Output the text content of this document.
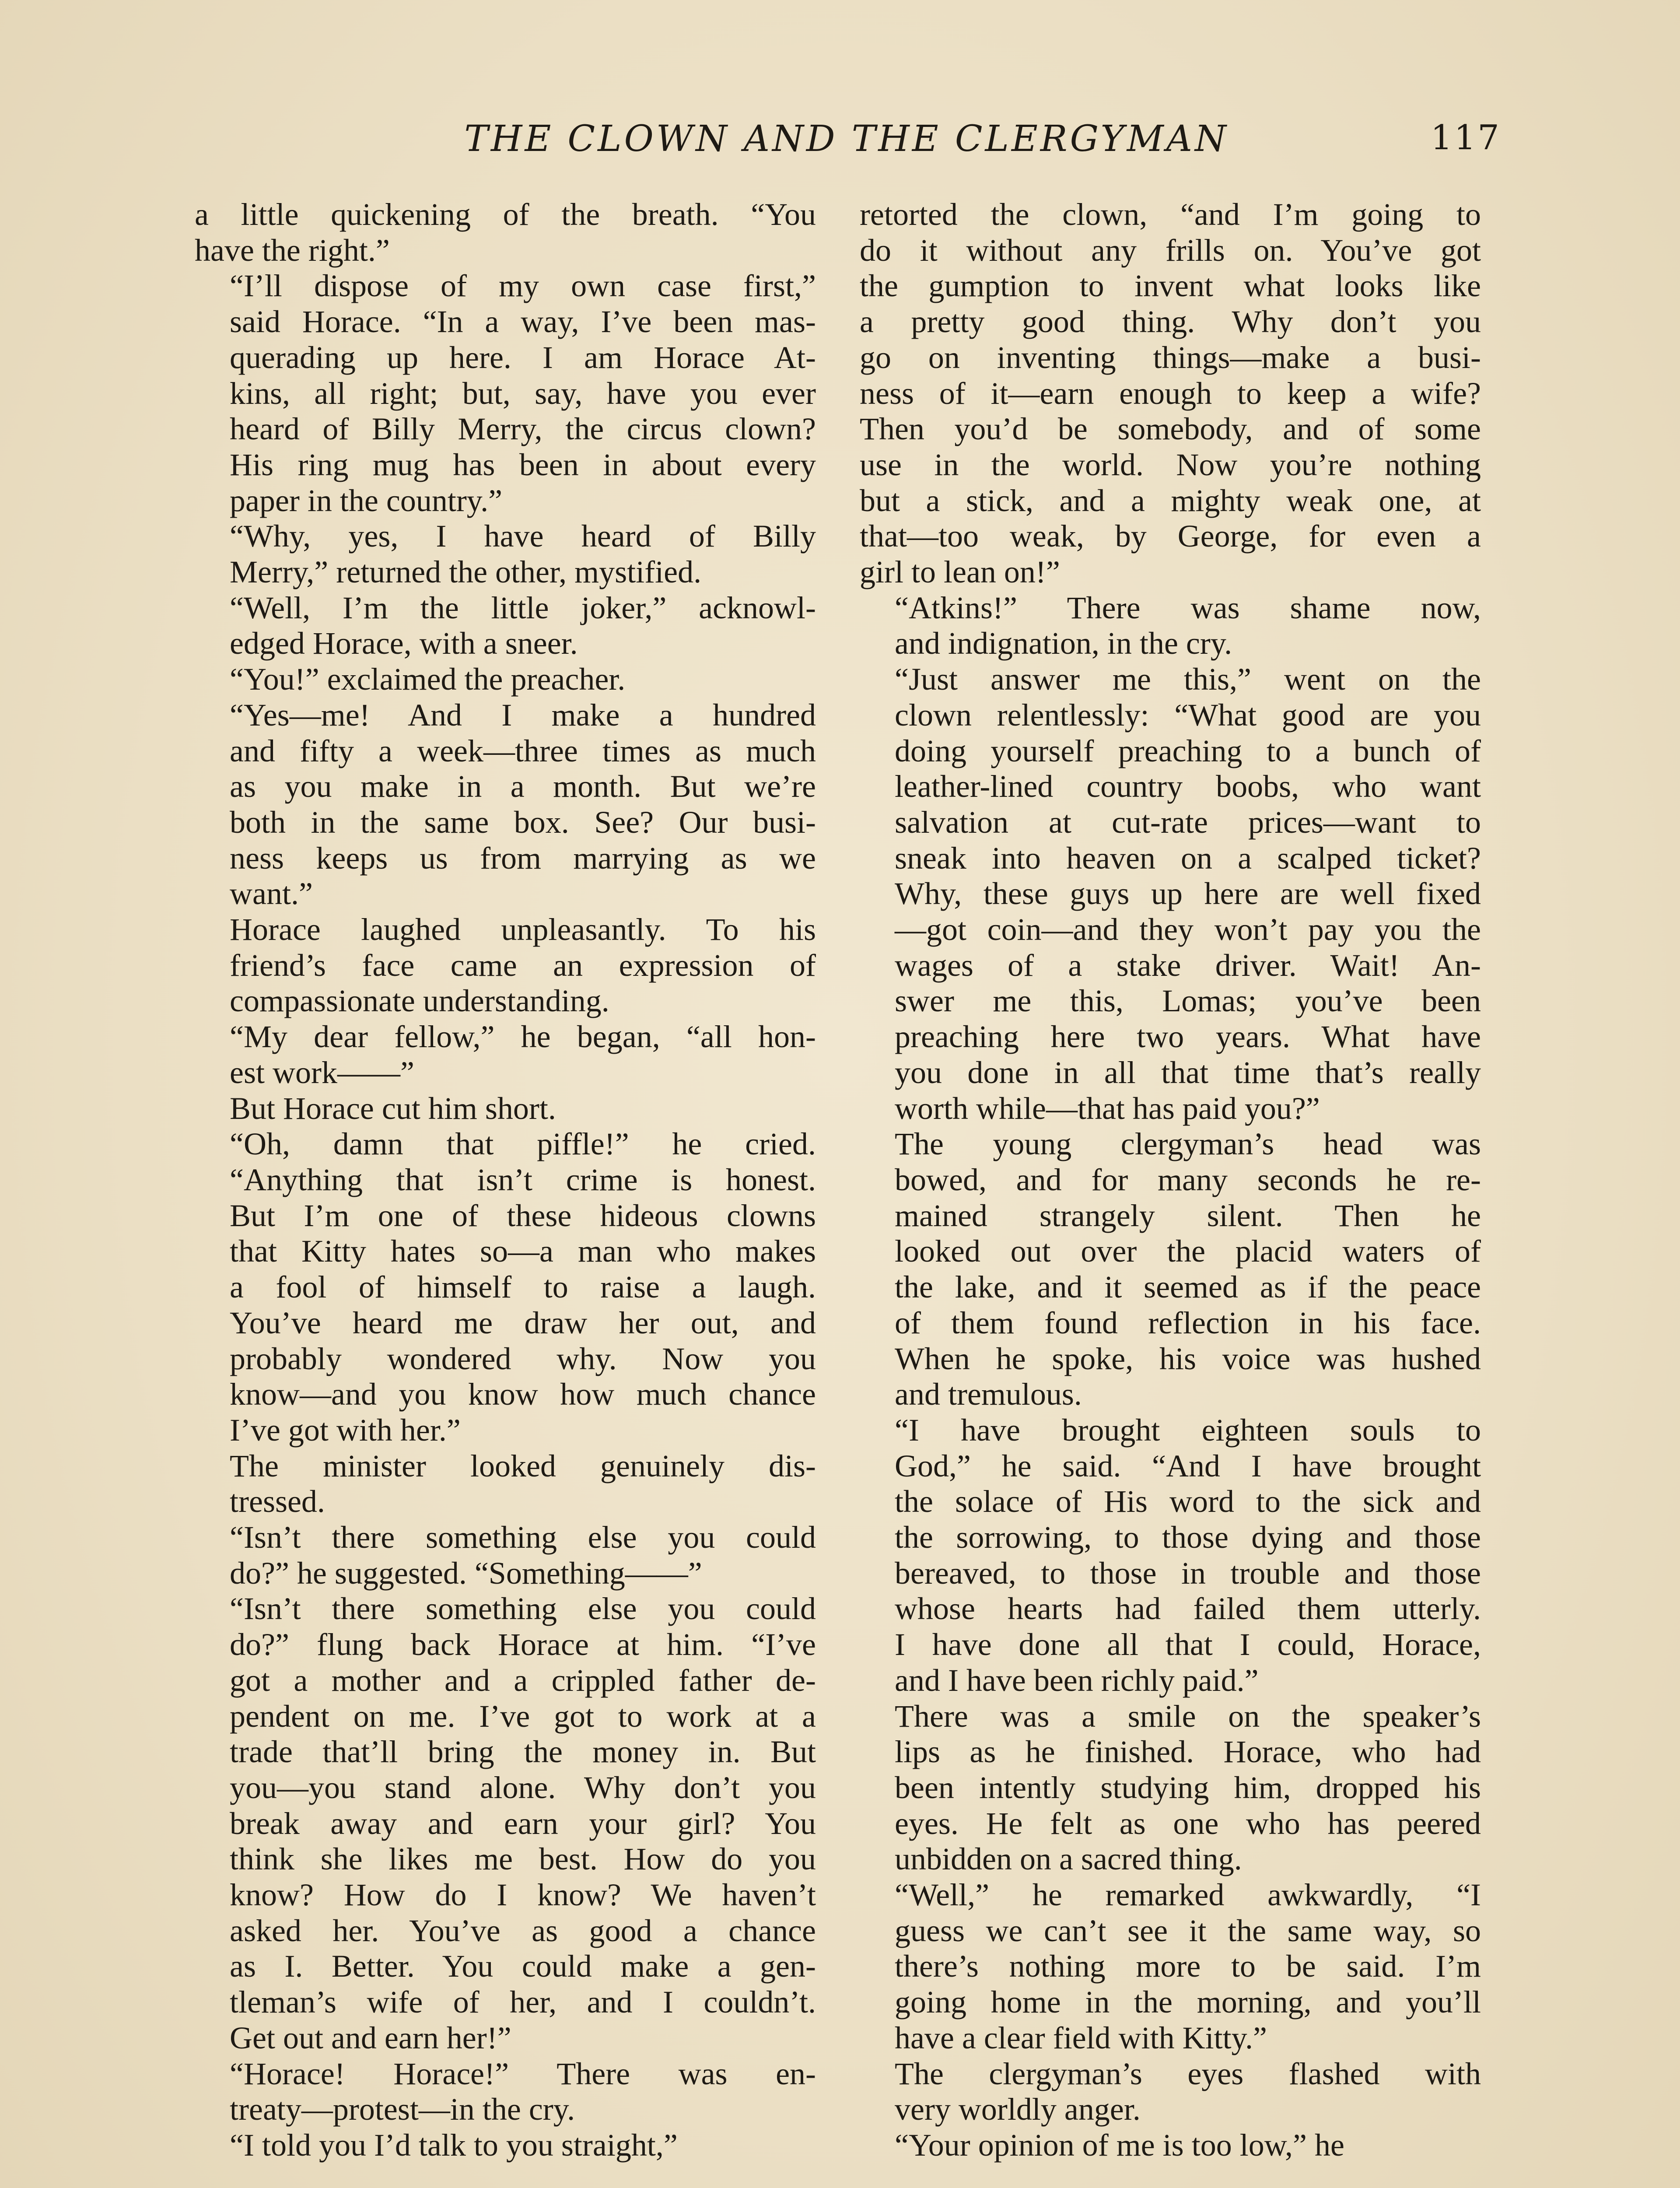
THE CLOWN AND THE CLERGYMAN	117

a little quickening of the breath. “You
have the right.”

“I’ll dispose of my own case first,”
said Horace. “In a way, I’ve been mas-
querading up here. I am Horace At-
kins, all right; but, say, have you ever
heard of Billy Merry, the circus clown?
His ring mug has been in about every
paper in the country.”

“Why, yes, I have heard of Billy
Merry,” returned the other, mystified.

“Well, I’m the little joker,” acknowl-
edged Horace, with a sneer.

“You!” exclaimed the preacher.

“Yes—me! And I make a hundred
and fifty a week—three times as much
as you make in a month. But we’re
both in the same box. See? Our busi-
ness keeps us from marrying as we
want.”

Horace laughed unpleasantly. To his
friend’s face came an expression of
compassionate understanding.

“My dear fellow,” he began, “all hon-
est work——”

But Horace cut him short.

“Oh, damn that piffle!” he cried.
“Anything that isn’t crime is honest.
But I’m one of these hideous clowns
that Kitty hates so—a man who makes
a fool of himself to raise a laugh.
You’ve heard me draw her out, and
probably wondered why. Now you
know—and you know how much chance
I’ve got with her.”

The minister looked genuinely dis-
tressed.

“Isn’t there something else you could
do?” he suggested. “Something——”

“Isn’t there something else you could
do?” flung back Horace at him. “I’ve
got a mother and a crippled father de-
pendent on me. I’ve got to work at a
trade that’ll bring the money in. But
you—you stand alone. Why don’t you
break away and earn your girl? You
think she likes me best. How do you
know? How do I know? We haven’t
asked her. You’ve as good a chance
as I. Better. You could make a gen-
tleman’s wife of her, and I couldn’t.
Get out and earn her!”

“Horace! Horace!” There was en-
treaty—protest—in the cry.

“I told you I’d talk to you straight,”

retorted the clown, “and I’m going to
do it without any frills on. You’ve got
the gumption to invent what looks like
a pretty good thing. Why don’t you
go on inventing things—make a busi-
ness of it—earn enough to keep a wife?
Then you’d be somebody, and of some
use in the world. Now you’re nothing
but a stick, and a mighty weak one, at
that—too weak, by George, for even a
girl to lean on!”

“Atkins!” There was shame now,
and indignation, in the cry.

“Just answer me this,” went on the
clown relentlessly: “What good are you
doing yourself preaching to a bunch of
leather-lined country boobs, who want
salvation at cut-rate prices—want to
sneak into heaven on a scalped ticket?
Why, these guys up here are well fixed
—got coin—and they won’t pay you the
wages of a stake driver. Wait! An-
swer me this, Lomas; you’ve been
preaching here two years. What have
you done in all that time that’s really
worth while—that has paid you?”

The young clergyman’s head was
bowed, and for many seconds he re-
mained strangely silent. Then he
looked out over the placid waters of
the lake, and it seemed as if the peace
of them found reflection in his face.
When he spoke, his voice was hushed
and tremulous.

“I have brought eighteen souls to
God,” he said. “And I have brought
the solace of His word to the sick and
the sorrowing, to those dying and those
bereaved, to those in trouble and those
whose hearts had failed them utterly.
I have done all that I could, Horace,
and I have been richly paid.”

There was a smile on the speaker’s
lips as he finished. Horace, who had
been intently studying him, dropped his
eyes. He felt as one who has peered
unbidden on a sacred thing.

“Well,” he remarked awkwardly, “I
guess we can’t see it the same way, so
there’s nothing more to be said. I’m
going home in the morning, and you’ll
have a clear field with Kitty.”

The clergyman’s eyes flashed with
very worldly anger.

“Your opinion of me is too low,” he
